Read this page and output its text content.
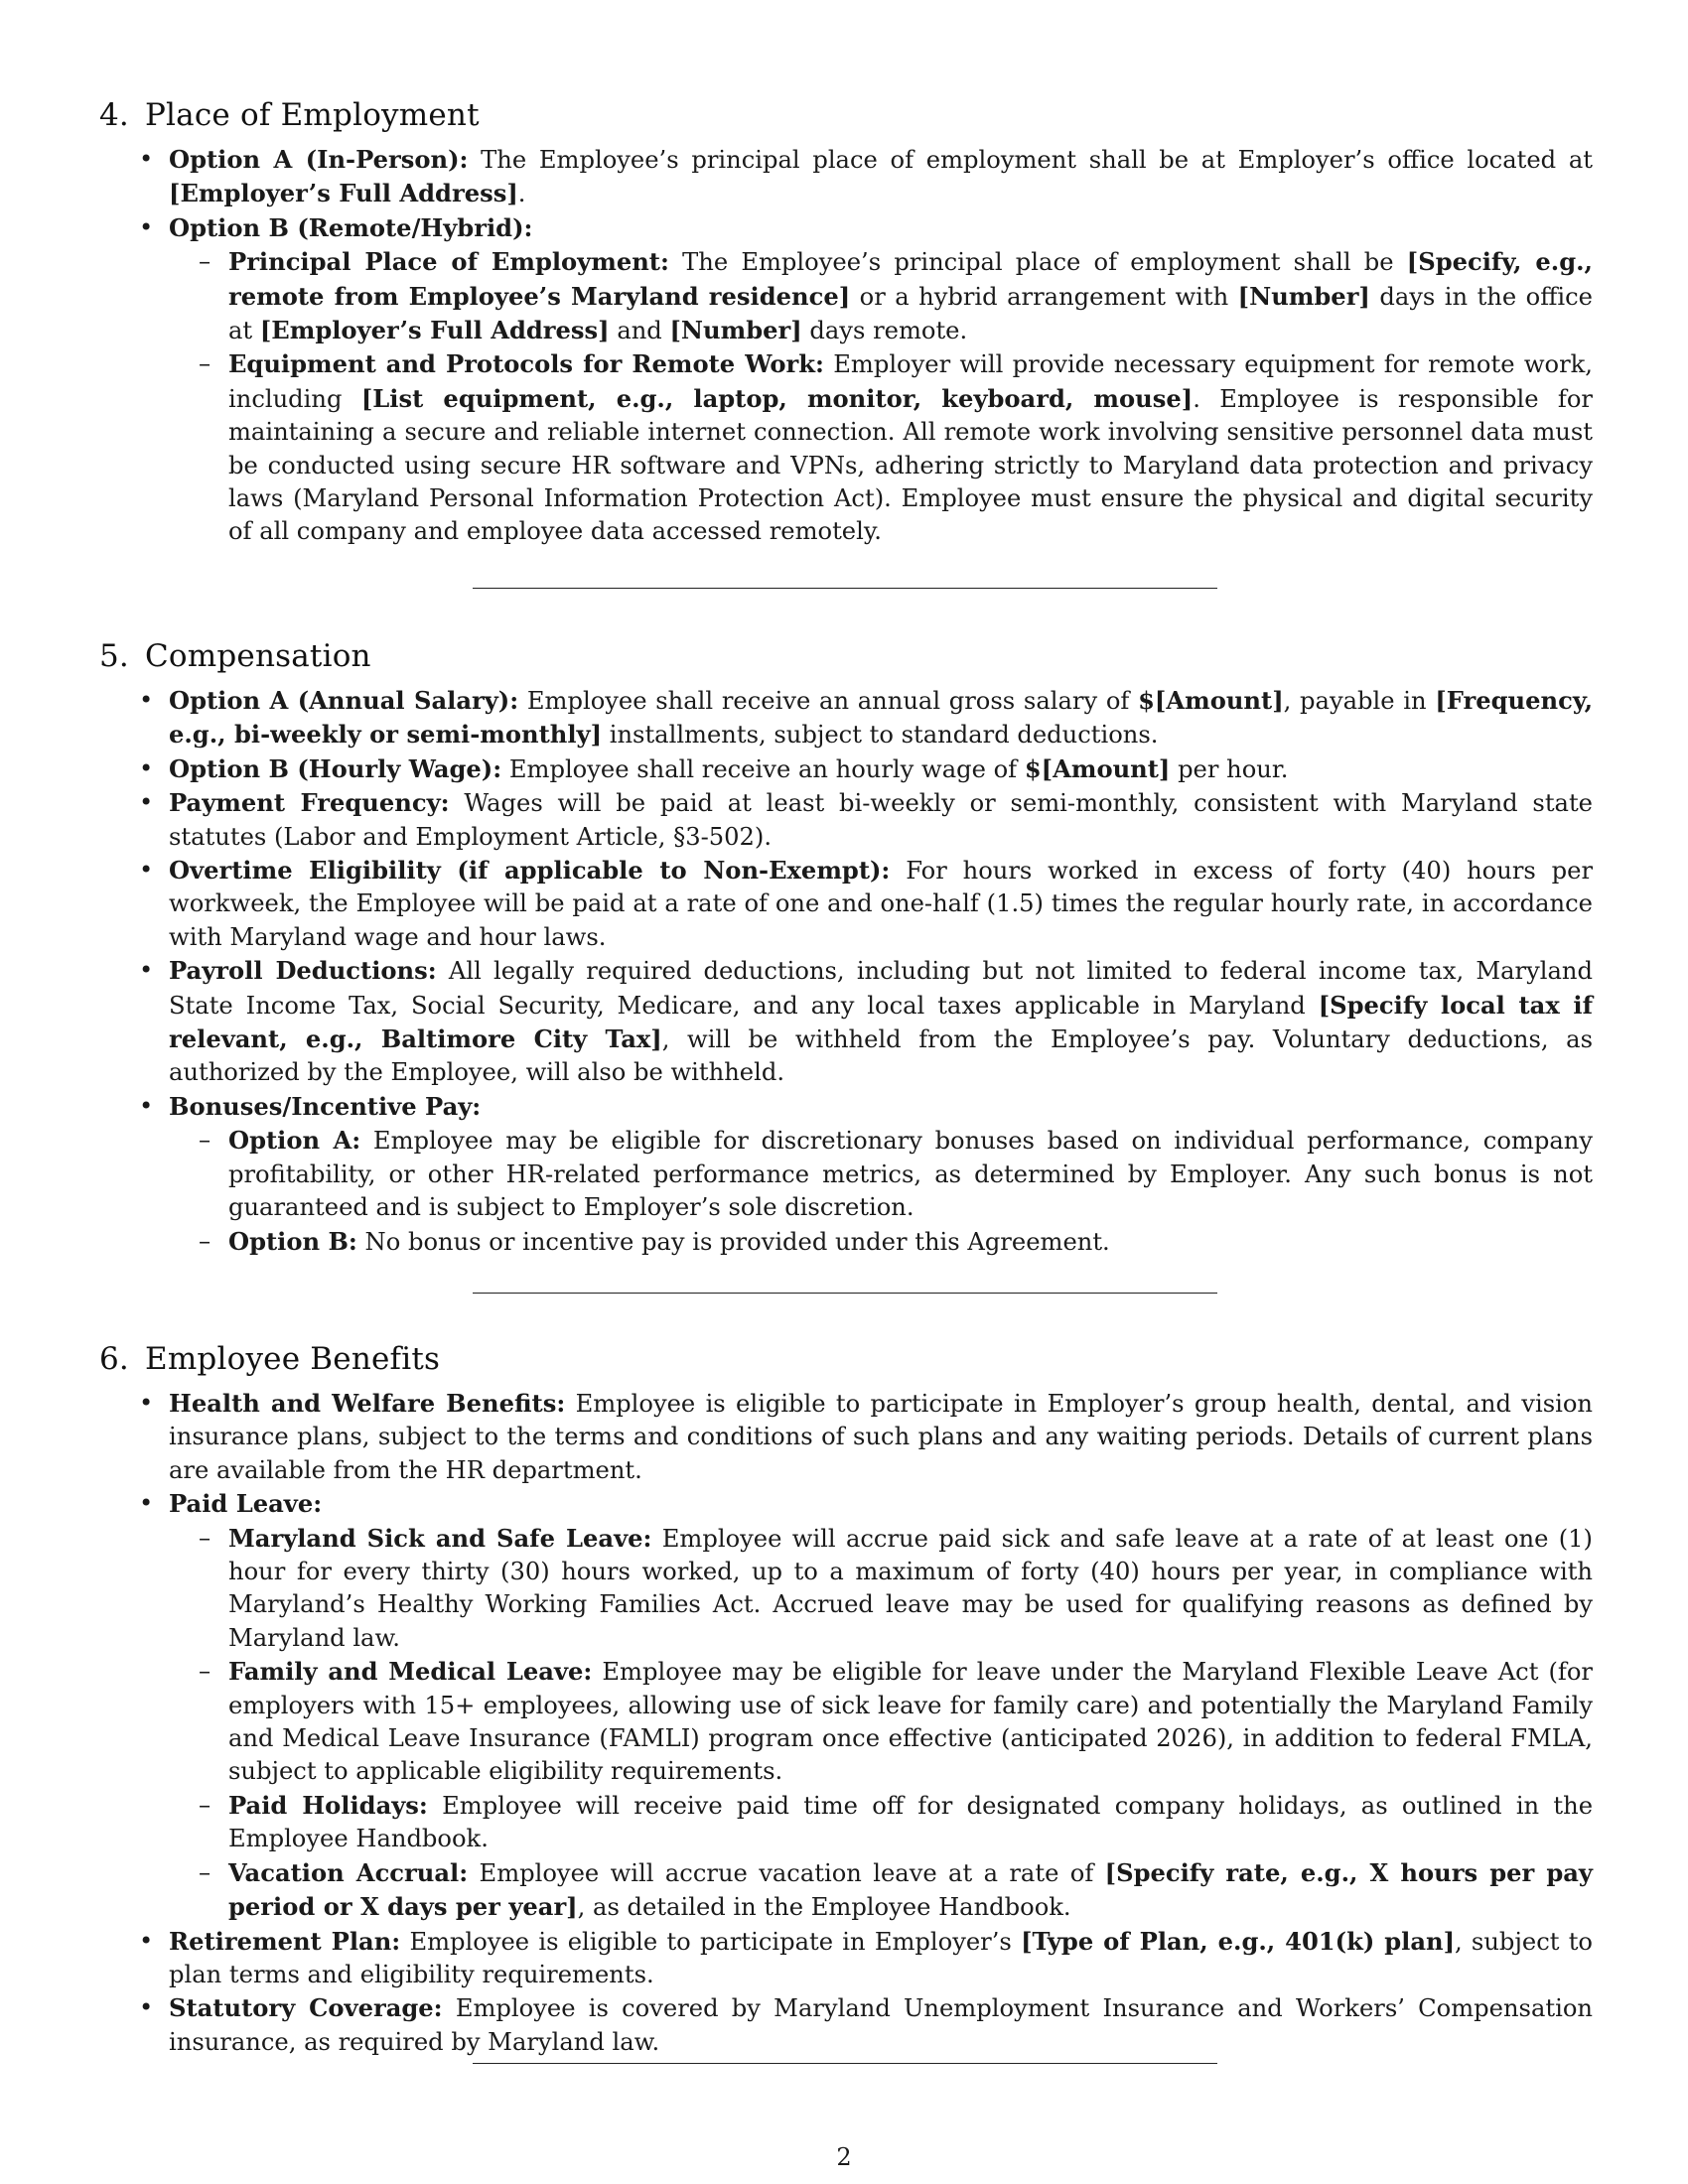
4. Place of Employment
• Option A (In-Person): The Employee’s principal place of employment shall be at Employer’s office located at [Employer’s Full Address].
• Option B (Remote/Hybrid):
– Principal Place of Employment: The Employee’s principal place of employment shall be [Specify, e.g., remote from Employee’s Maryland residence] or a hybrid arrangement with [Number] days in the office at [Employer’s Full Address] and [Number] days remote.
– Equipment and Protocols for Remote Work: Employer will provide necessary equipment for remote work, including [List equipment, e.g., laptop, monitor, keyboard, mouse]. Employee is responsible for maintaining a secure and reliable internet connection. All remote work involving sensitive personnel data must be conducted using secure HR software and VPNs, adhering strictly to Maryland data protection and privacy laws (Maryland Personal Information Protection Act). Employee must ensure the physical and digital security of all company and employee data accessed remotely.
5. Compensation
• Option A (Annual Salary): Employee shall receive an annual gross salary of $[Amount], payable in [Frequency, e.g., bi-weekly or semi-monthly] installments, subject to standard deductions.
• Option B (Hourly Wage): Employee shall receive an hourly wage of $[Amount] per hour.
• Payment Frequency: Wages will be paid at least bi-weekly or semi-monthly, consistent with Maryland state statutes (Labor and Employment Article, §3-502).
• Overtime Eligibility (if applicable to Non-Exempt): For hours worked in excess of forty (40) hours per workweek, the Employee will be paid at a rate of one and one-half (1.5) times the regular hourly rate, in accordance with Maryland wage and hour laws.
• Payroll Deductions: All legally required deductions, including but not limited to federal income tax, Maryland State Income Tax, Social Security, Medicare, and any local taxes applicable in Maryland [Specify local tax if relevant, e.g., Baltimore City Tax], will be withheld from the Employee’s pay. Voluntary deductions, as authorized by the Employee, will also be withheld.
• Bonuses/Incentive Pay:
– Option A: Employee may be eligible for discretionary bonuses based on individual performance, company profitability, or other HR-related performance metrics, as determined by Employer. Any such bonus is not guaranteed and is subject to Employer’s sole discretion.
– Option B: No bonus or incentive pay is provided under this Agreement.
6. Employee Benefits
• Health and Welfare Benefits: Employee is eligible to participate in Employer’s group health, dental, and vision insurance plans, subject to the terms and conditions of such plans and any waiting periods. Details of current plans are available from the HR department.
• Paid Leave:
– Maryland Sick and Safe Leave: Employee will accrue paid sick and safe leave at a rate of at least one (1) hour for every thirty (30) hours worked, up to a maximum of forty (40) hours per year, in compliance with Maryland’s Healthy Working Families Act. Accrued leave may be used for qualifying reasons as defined by Maryland law.
– Family and Medical Leave: Employee may be eligible for leave under the Maryland Flexible Leave Act (for employers with 15+ employees, allowing use of sick leave for family care) and potentially the Maryland Family and Medical Leave Insurance (FAMLI) program once effective (anticipated 2026), in addition to federal FMLA, subject to applicable eligibility requirements.
– Paid Holidays: Employee will receive paid time off for designated company holidays, as outlined in the Employee Handbook.
– Vacation Accrual: Employee will accrue vacation leave at a rate of [Specify rate, e.g., X hours per pay period or X days per year], as detailed in the Employee Handbook.
• Retirement Plan: Employee is eligible to participate in Employer’s [Type of Plan, e.g., 401(k) plan], subject to plan terms and eligibility requirements.
• Statutory Coverage: Employee is covered by Maryland Unemployment Insurance and Workers’ Compensation insurance, as required by Maryland law.
2
